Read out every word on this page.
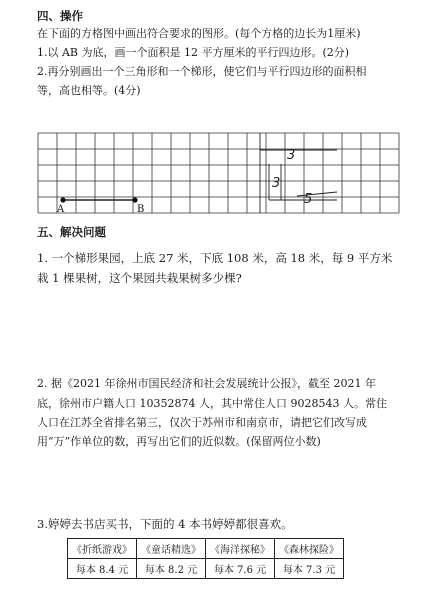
四、操作
在下面的方格图中画出符合要求的图形。(每个方格的边长为1厘米)
1.以 AB 为底，画一个面积是 12 平方厘米的平行四边形。(2分)
2.再分别画出一个三角形和一个梯形，使它们与平行四边形的面积相
等，高也相等。(4分)
A	B
3
3
5
五、解决问题
1. 一个梯形果园，上底 27 米，下底 108 米，高 18 米，每 9 平方米
栽 1 棵果树，这个果园共栽果树多少棵?
2. 据《2021 年徐州市国民经济和社会发展统计公报》，截至 2021 年
底，徐州市户籍人口 10352874 人，其中常住人口 9028543 人。常住
人口在江苏全省排名第三，仅次于苏州市和南京市，请把它们改写成
用“万”作单位的数，再写出它们的近似数。(保留两位小数)
3.婷婷去书店买书，下面的 4 本书婷婷都很喜欢。
《折纸游戏》	《童话精选》	《海洋探秘》	《森林探险》
每本 8.4 元	每本 8.2 元	每本 7.6 元	每本 7.3 元
